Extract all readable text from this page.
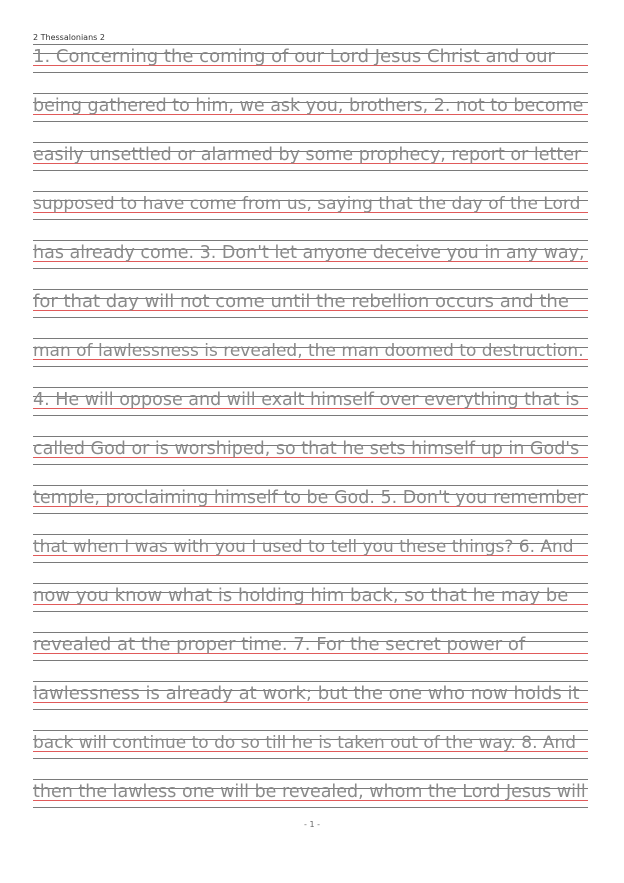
2 Thessalonians 2
1. Concerning the coming of our Lord Jesus Christ and our
being gathered to him, we ask you, brothers, 2. not to become
easily unsettled or alarmed by some prophecy, report or letter
supposed to have come from us, saying that the day of the Lord
has already come. 3. Don't let anyone deceive you in any way,
for that day will not come until the rebellion occurs and the
man of lawlessness is revealed, the man doomed to destruction.
4. He will oppose and will exalt himself over everything that is
called God or is worshiped, so that he sets himself up in God's
temple, proclaiming himself to be God. 5. Don't you remember
that when I was with you I used to tell you these things? 6. And
now you know what is holding him back, so that he may be
revealed at the proper time. 7. For the secret power of
lawlessness is already at work; but the one who now holds it
back will continue to do so till he is taken out of the way. 8. And
then the lawless one will be revealed, whom the Lord Jesus will
- 1 -
